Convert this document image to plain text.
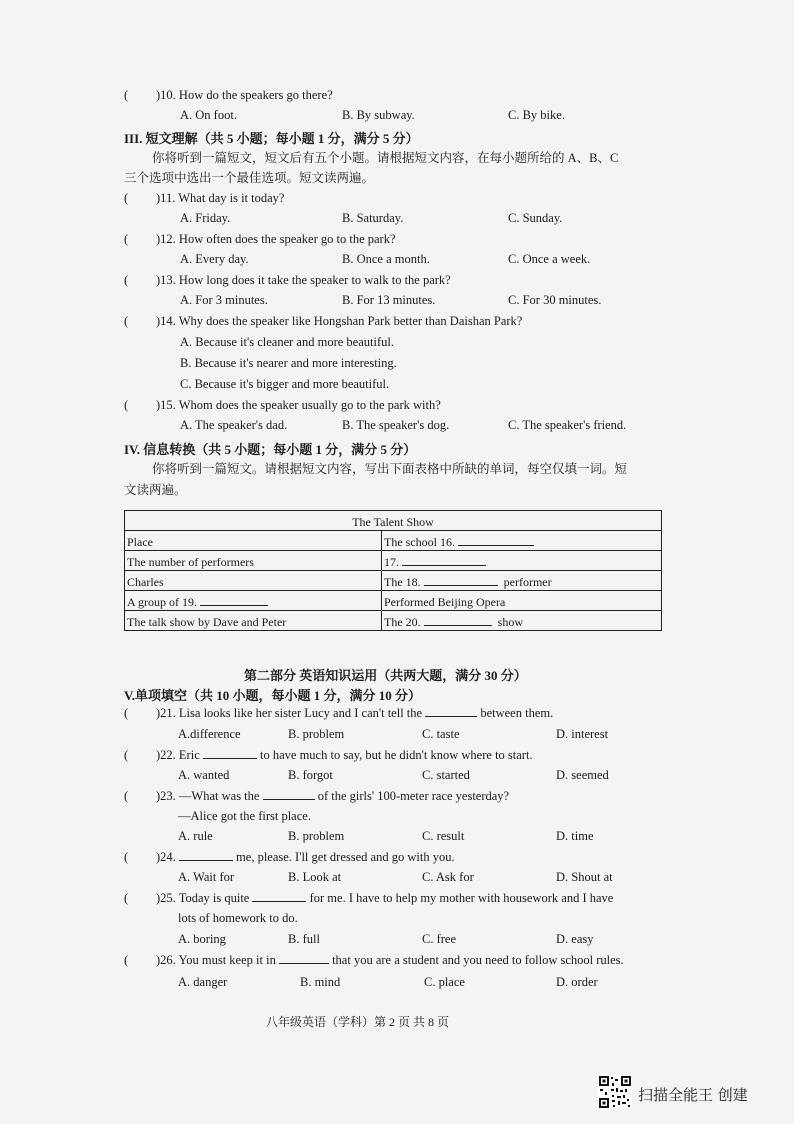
( )10. How do the speakers go there?
A. On foot.	B. By subway.	C. By bike.
III. 短文理解（共 5 小题；每小题 1 分，满分 5 分）
你将听到一篇短文，短文后有五个小题。请根据短文内容，在每小题所给的 A、B、C
三个选项中选出一个最佳选项。短文读两遍。
( )11. What day is it today?
A. Friday.	B. Saturday.	C. Sunday.
( )12. How often does the speaker go to the park?
A. Every day.	B. Once a month.	C. Once a week.
( )13. How long does it take the speaker to walk to the park?
A. For 3 minutes.	B. For 13 minutes.	C. For 30 minutes.
( )14. Why does the speaker like Hongshan Park better than Daishan Park?
A. Because it's cleaner and more beautiful.
B. Because it's nearer and more interesting.
C. Because it's bigger and more beautiful.
( )15. Whom does the speaker usually go to the park with?
A. The speaker's dad.	B. The speaker's dog.	C. The speaker's friend.
IV. 信息转换（共 5 小题；每小题 1 分，满分 5 分）
你将听到一篇短文。请根据短文内容，写出下面表格中所缺的单词，每空仅填一词。短
文读两遍。
The Talent Show	
Place	The school 16.
The number of performers	17.
Charles	The 18. performer
A group of 19.	Performed Beijing Opera
The talk show by Dave and Peter	The 20. show
第二部分 英语知识运用（共两大题，满分 30 分）
V.单项填空（共 10 小题，每小题 1 分，满分 10 分）
( )21. Lisa looks like her sister Lucy and I can't tell the	between them.
A.difference	B. problem	C. taste	D. interest
( )22. Eric	to have much to say, but he didn't know where to start.
A. wanted	B. forgot	C. started	D. seemed
( )23. —What was the	of the girls' 100-meter race yesterday?
—Alice got the first place.
A. rule	B. problem	C. result	D. time
( )24.	me, please. I'll get dressed and go with you.
A. Wait for	B. Look at	C. Ask for	D. Shout at
( )25. Today is quite	for me. I have to help my mother with housework and I have
lots of homework to do.
A. boring	B. full	C. free	D. easy
( )26. You must keep it in	that you are a student and you need to follow school rules.
A. danger	B. mind	C. place	D. order
八年级英语（学科）第 2 页 共 8 页
扫描全能王 创建
